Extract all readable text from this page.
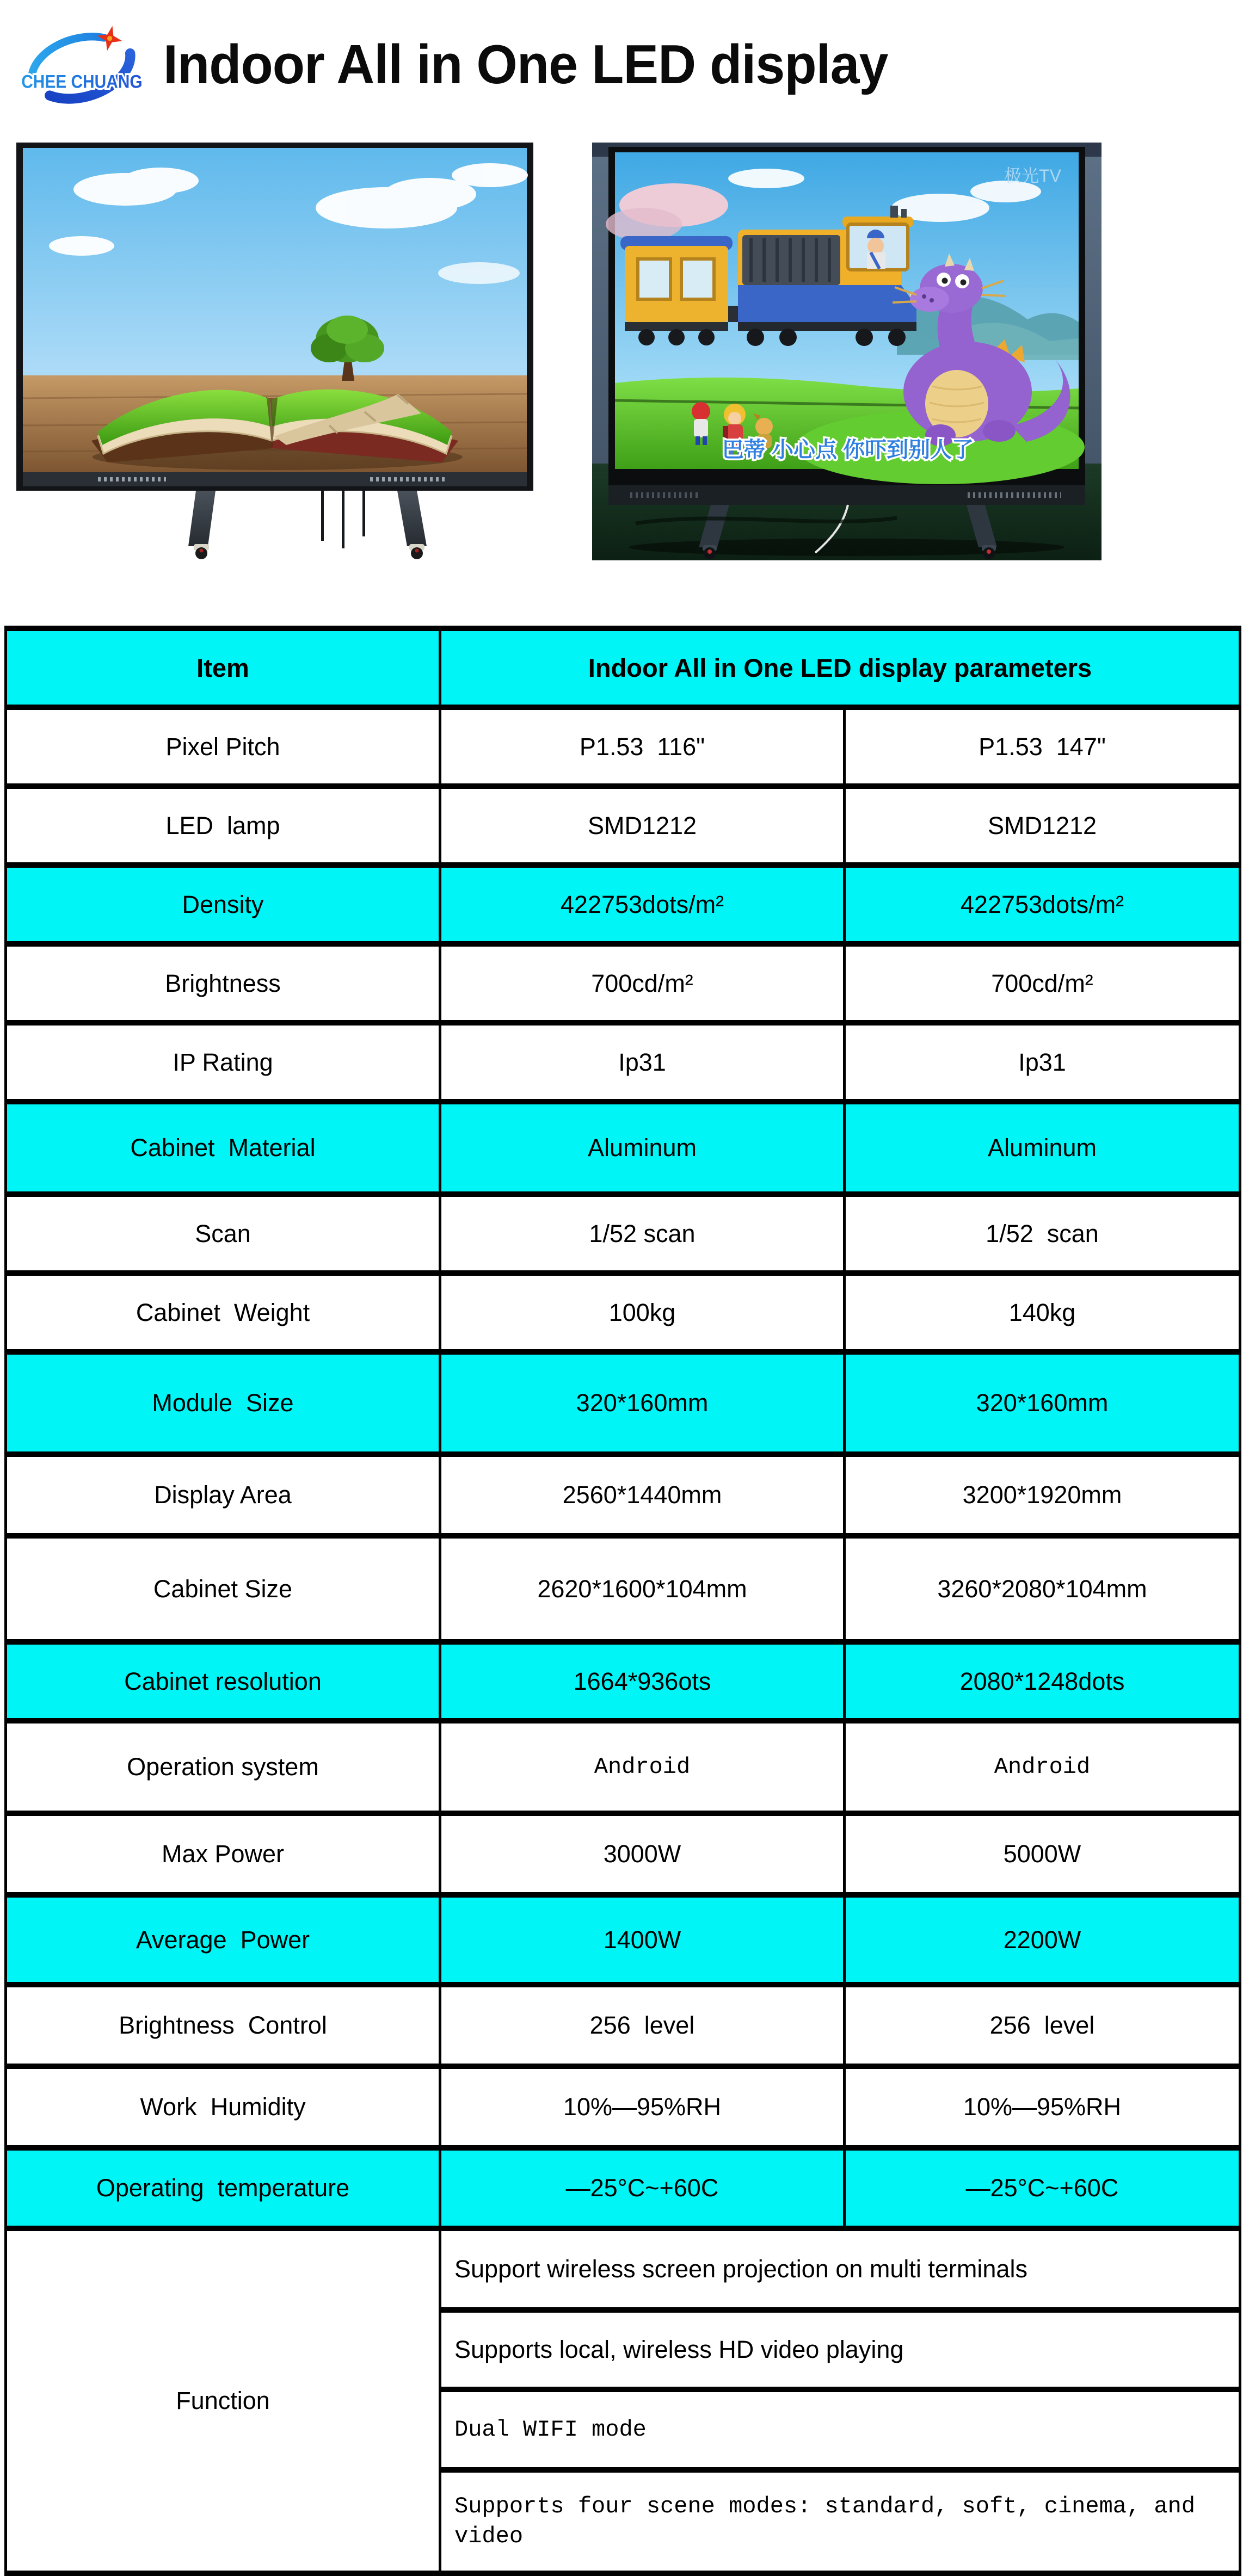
CHEE CHUANG Indoor All in One LED display
极光TV
巴蒂 小心点 你吓到别人了
Item	Indoor All in One LED display parameters	
Pixel Pitch	P1.53  116"	P1.53  147"
LED  lamp	SMD1212	SMD1212
Density	422753dots/m²	422753dots/m²
Brightness	700cd/m²	700cd/m²
IP Rating	Ip31	Ip31
Cabinet  Material	Aluminum	Aluminum
Scan	1/52 scan	1/52  scan
Cabinet  Weight	100kg	140kg
Module  Size	320*160mm	320*160mm
Display Area	2560*1440mm	3200*1920mm
Cabinet Size	2620*1600*104mm	3260*2080*104mm
Cabinet resolution	1664*936ots	2080*1248dots
Operation system	Android	Android
Max Power	3000W	5000W
Average  Power	1400W	2200W
Brightness  Control	256  level	256  level
Work  Humidity	10%—95%RH	10%—95%RH
Operating  temperature	—25°C~+60C	—25°C~+60C
Function	Support wireless screen projection on multi terminals	
	Supports local, wireless HD video playing	
	Dual WIFI mode	
	Supports four scene modes: standard, soft, cinema, and video	
